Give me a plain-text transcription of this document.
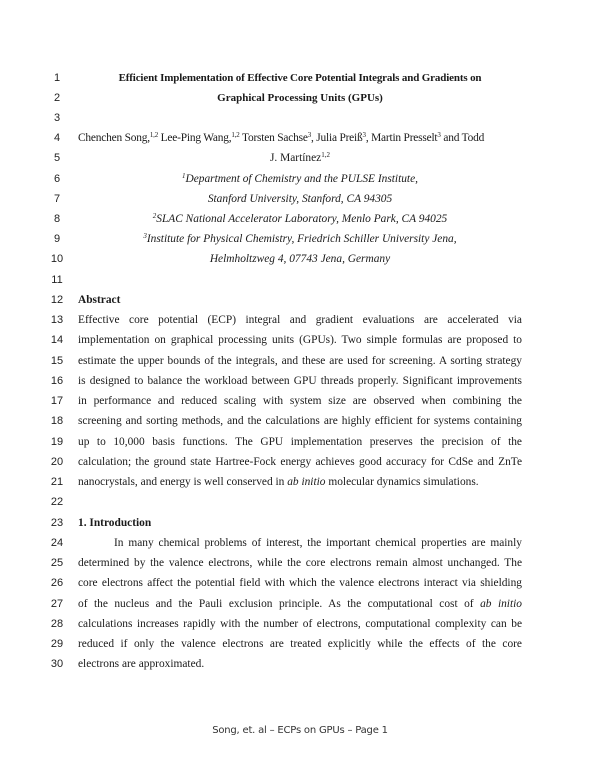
1
2
3
4
5
6
7
8
9
10
11
12
13
14
15
16
17
18
19
20
21
22
23
24
25
26
27
28
29
30
Efficient Implementation of Effective Core Potential Integrals and Gradients on
Graphical Processing Units (GPUs)
Chenchen Song,$^{1,2}$ Lee-Ping Wang,$^{1,2}$ Torsten Sachse$^3$, Julia Preiß$^3$, Martin Presselt$^3$ and Todd
J. Martínez$^{1,2}$
$^1$Department of Chemistry and the PULSE Institute,
Stanford University, Stanford, CA 94305
$^2$SLAC National Accelerator Laboratory, Menlo Park, CA 94025
$^3$Institute for Physical Chemistry, Friedrich Schiller University Jena,
Helmholtzweg 4, 07743 Jena, Germany
Abstract
Effective core potential (ECP) integral and gradient evaluations are accelerated via
implementation on graphical processing units (GPUs). Two simple formulas are proposed to
estimate the upper bounds of the integrals, and these are used for screening. A sorting strategy
is designed to balance the workload between GPU threads properly. Significant improvements
in performance and reduced scaling with system size are observed when combining the
screening and sorting methods, and the calculations are highly efficient for systems containing
up to 10,000 basis functions. The GPU implementation preserves the precision of the
calculation; the ground state Hartree-Fock energy achieves good accuracy for CdSe and ZnTe
nanocrystals, and energy is well conserved in ab initio molecular dynamics simulations.
1. Introduction
In many chemical problems of interest, the important chemical properties are mainly
determined by the valence electrons, while the core electrons remain almost unchanged. The
core electrons affect the potential field with which the valence electrons interact via shielding
of the nucleus and the Pauli exclusion principle. As the computational cost of ab initio
calculations increases rapidly with the number of electrons, computational complexity can be
reduced if only the valence electrons are treated explicitly while the effects of the core
electrons are approximated.
Song, et. al – ECPs on GPUs – Page 1
